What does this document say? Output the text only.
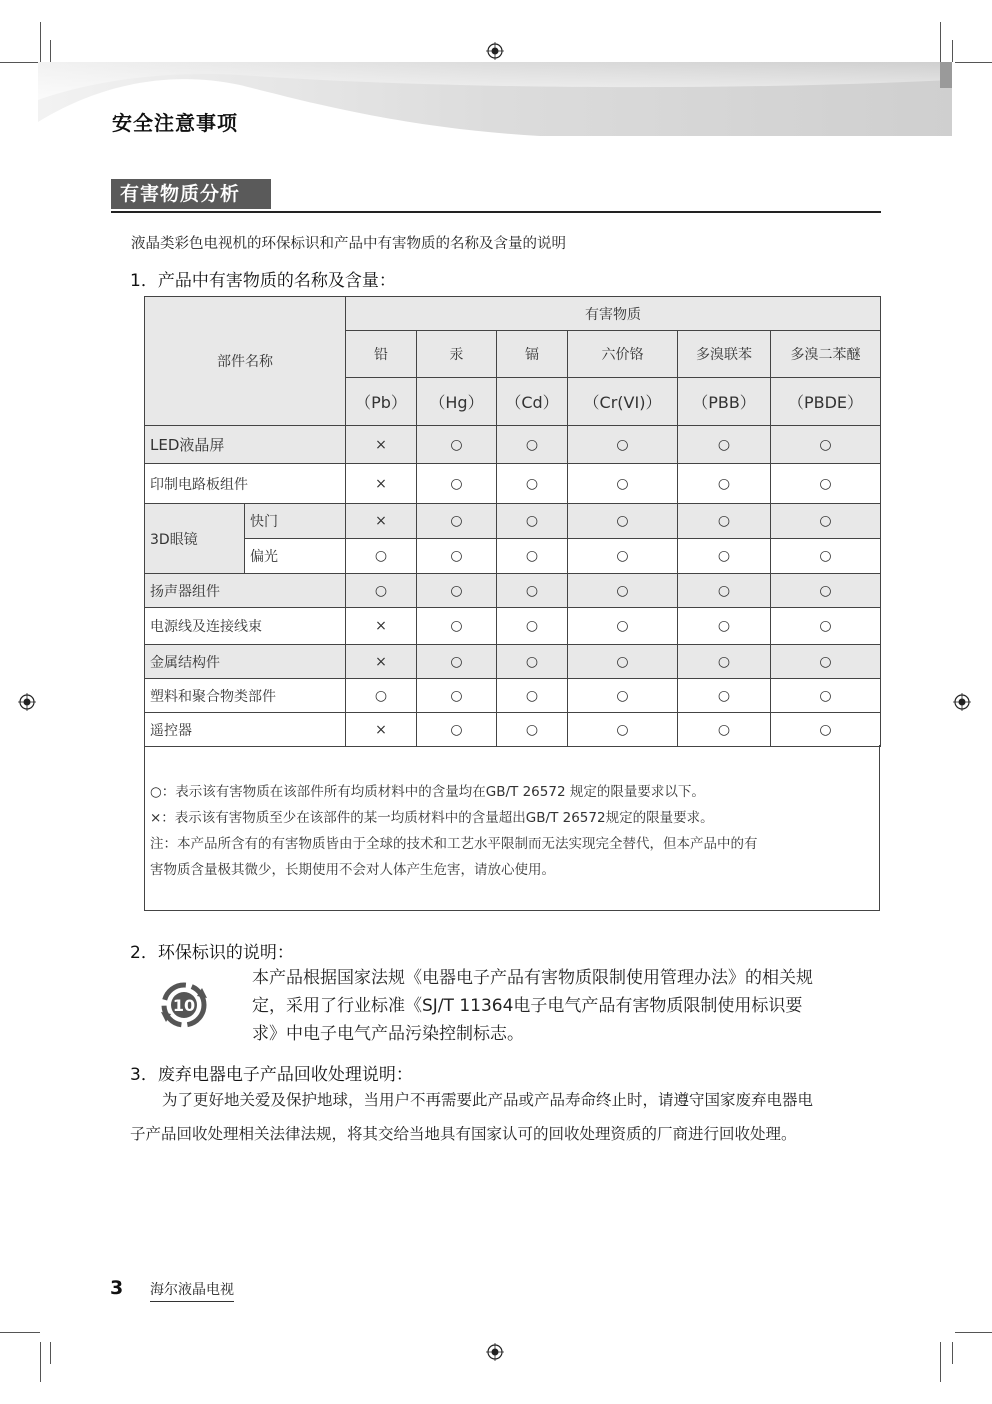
安全注意事项
有害物质分析
液晶类彩色电视机的环保标识和产品中有害物质的名称及含量的说明
1．产品中有害物质的名称及含量：
部件名称		有害物质					
		铅	汞	镉	六价铬	多溴联苯	多溴二苯醚
		（Pb）	（Hg）	（Cd）	（Cr(VI)）	（PBB）	（PBDE）
LED液晶屏		×	○	○	○	○	○
印制电路板组件		×	○	○	○	○	○
3D眼镜	快门	×	○	○	○	○	○
	偏光	○	○	○	○	○	○
扬声器组件		○	○	○	○	○	○
电源线及连接线束		×	○	○	○	○	○
金属结构件		×	○	○	○	○	○
塑料和聚合物类部件		○	○	○	○	○	○
遥控器		×	○	○	○	○	○
○：表示该有害物质在该部件所有均质材料中的含量均在GB/T 26572 规定的限量要求以下。
×：表示该有害物质至少在该部件的某一均质材料中的含量超出GB/T 26572规定的限量要求。
注：本产品所含有的有害物质皆由于全球的技术和工艺水平限制而无法实现完全替代，但本产品中的有
害物质含量极其微少，长期使用不会对人体产生危害，请放心使用。
2．环保标识的说明：
10
本产品根据国家法规《电器电子产品有害物质限制使用管理办法》的相关规
定，采用了行业标准《SJ/T 11364电子电气产品有害物质限制使用标识要
求》中电子电气产品污染控制标志。
3．废弃电器电子产品回收处理说明：
为了更好地关爱及保护地球，当用户不再需要此产品或产品寿命终止时，请遵守国家废弃电器电
子产品回收处理相关法律法规，将其交给当地具有国家认可的回收处理资质的厂商进行回收处理。
3 海尔液晶电视
